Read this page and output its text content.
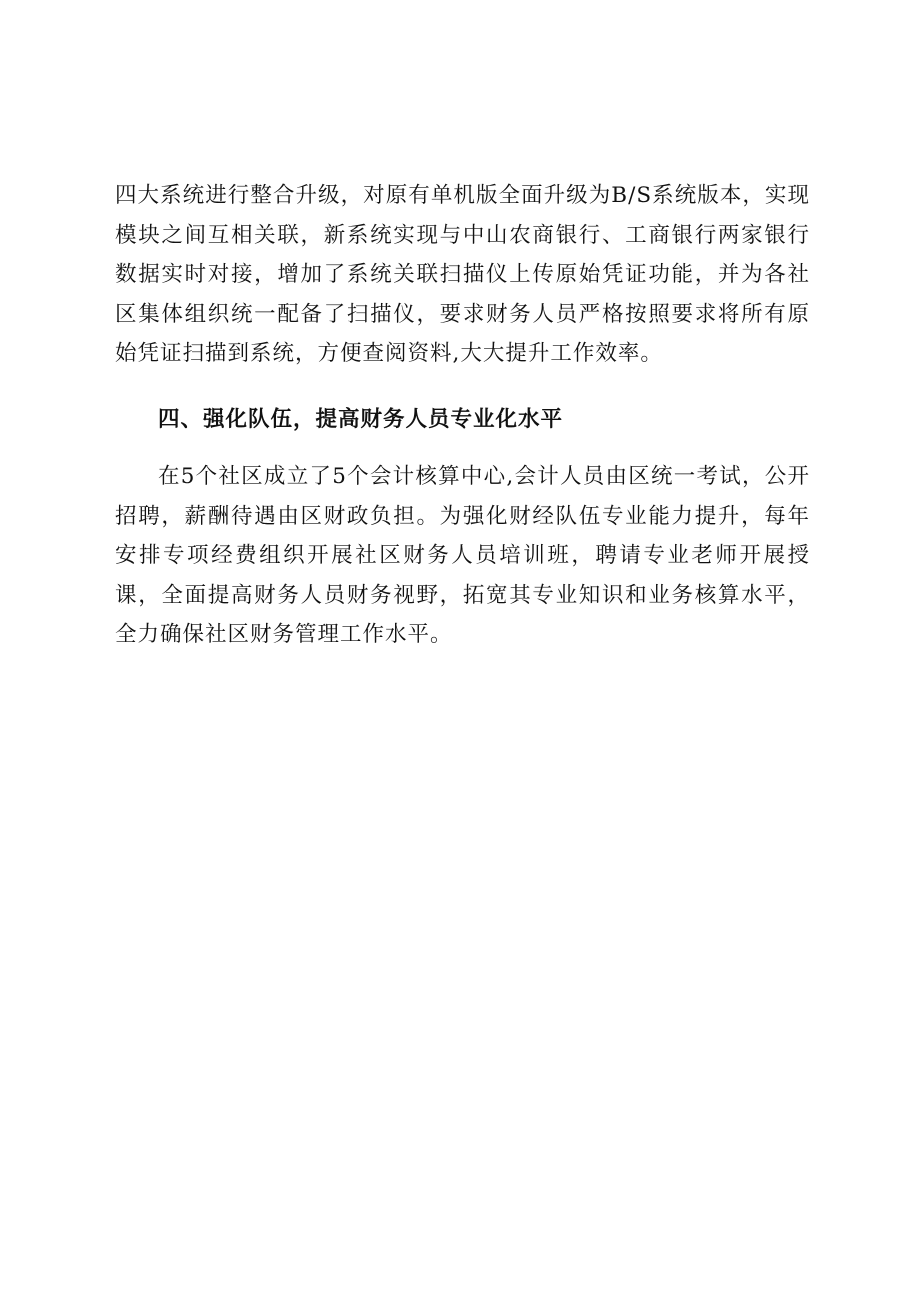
四大系统进行整合升级，对原有单机版全面升级为B/S系统版本，实现模块之间互相关联，新系统实现与中山农商银行、工商银行两家银行数据实时对接，增加了系统关联扫描仪上传原始凭证功能，并为各社区集体组织统一配备了扫描仪，要求财务人员严格按照要求将所有原始凭证扫描到系统，方便查阅资料,大大提升工作效率。

四、强化队伍，提高财务人员专业化水平

在5个社区成立了5个会计核算中心,会计人员由区统一考试，公开招聘，薪酬待遇由区财政负担。为强化财经队伍专业能力提升，每年安排专项经费组织开展社区财务人员培训班，聘请专业老师开展授课，全面提高财务人员财务视野，拓宽其专业知识和业务核算水平，全力确保社区财务管理工作水平。
